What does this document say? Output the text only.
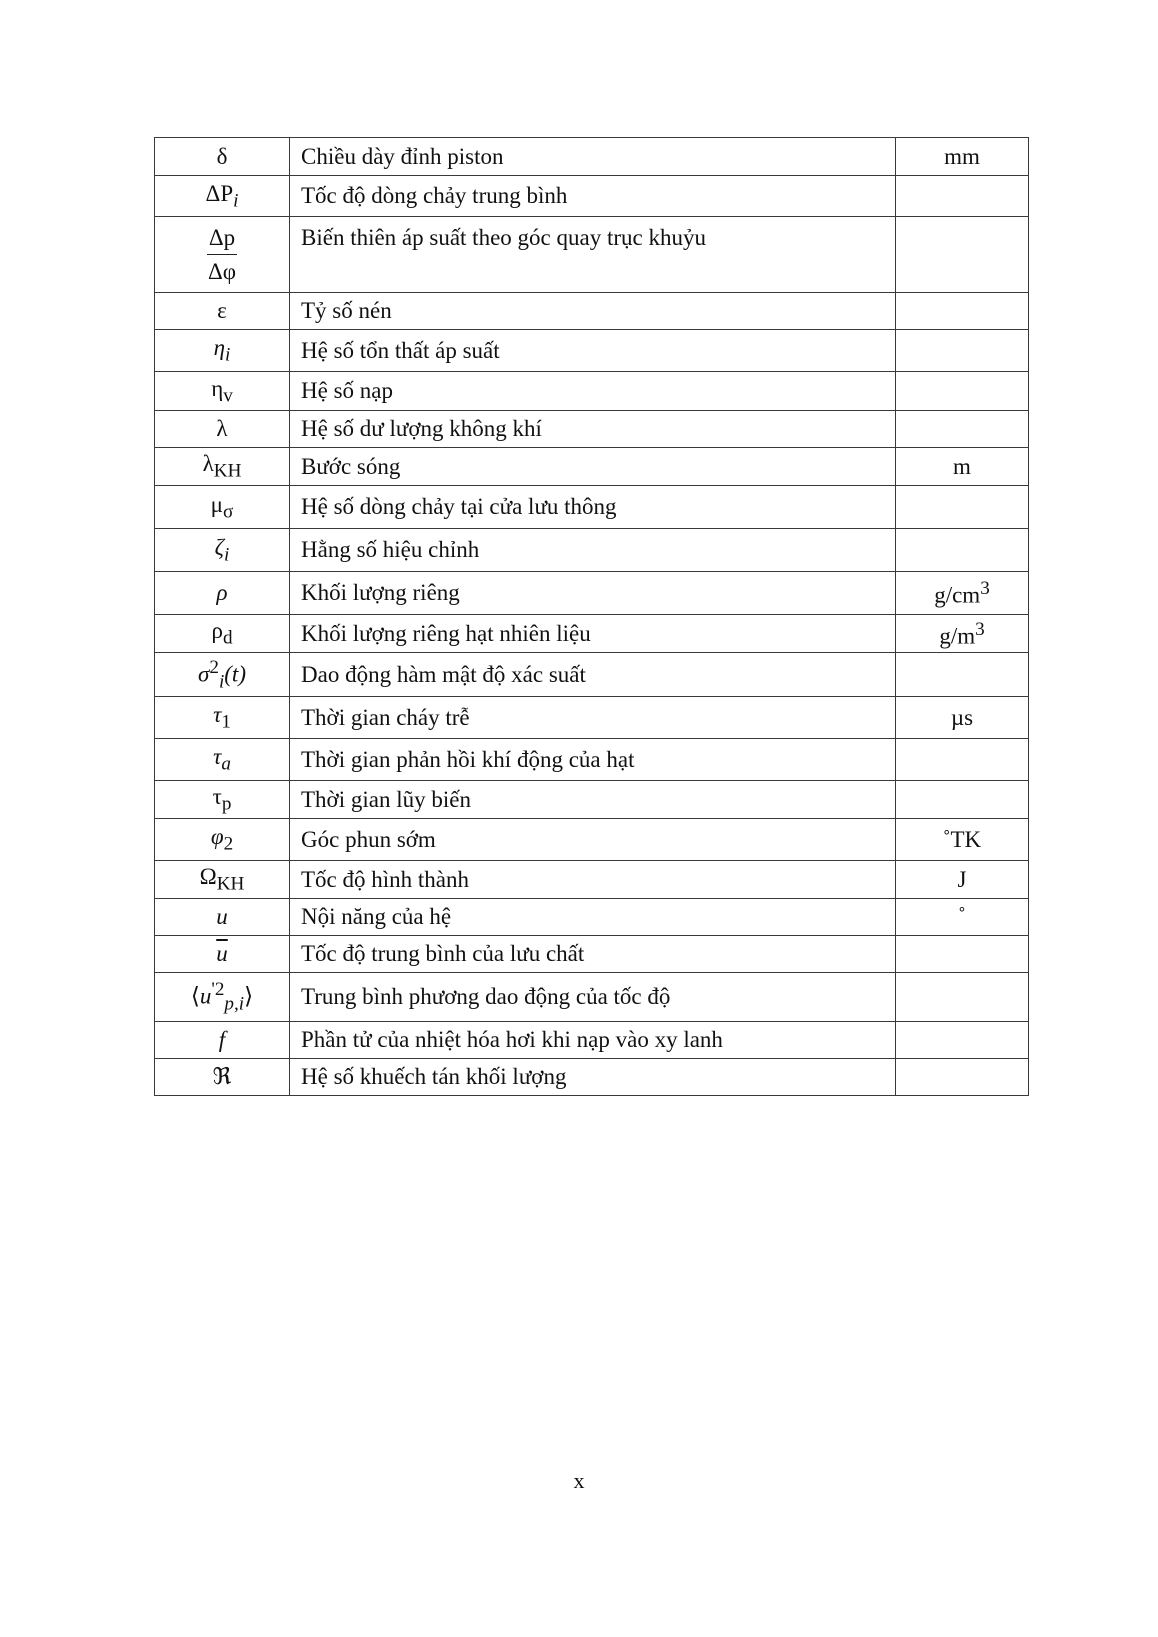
δ	Chiều dày đỉnh piston	mm
$\Delta P_i$	Tốc độ dòng chảy trung bình	

$\frac{\Delta p}{\Delta\varphi}$	Biến thiên áp suất theo góc quay trục khuỷu	
ε	Tỷ số nén	
$\eta_i$	Hệ số tổn thất áp suất	
$\eta_v$	Hệ số nạp	
λ	Hệ số dư lượng không khí	
$\lambda_{KH}$	Bước sóng	m
$\mu_\sigma$	Hệ số dòng chảy tại cửa lưu thông	
$\zeta_i$	Hằng số hiệu chỉnh	
ρ	Khối lượng riêng	$g/cm^3$
$\rho_d$	Khối lượng riêng hạt nhiên liệu	$g/m^3$
$\sigma^2_i(t)$	Dao động hàm mật độ xác suất	
$\tau_1$	Thời gian cháy trễ	µs
$\tau_a$	Thời gian phản hồi khí động của hạt	
$\tau_p$	Thời gian lũy biến	
$\varphi_2$	Góc phun sớm	˚TK
$\Omega_{KH}$	Tốc độ hình thành	J
u	Nội năng của hệ	˚
$\overline{u}$	Tốc độ trung bình của lưu chất	
$⟨u^{'2}_{p,i}⟩$	Trung bình phương dao động của tốc độ	
f	Phần tử của nhiệt hóa hơi khi nạp vào xy lanh	
ℜ	Hệ số khuếch tán khối lượng	
x
